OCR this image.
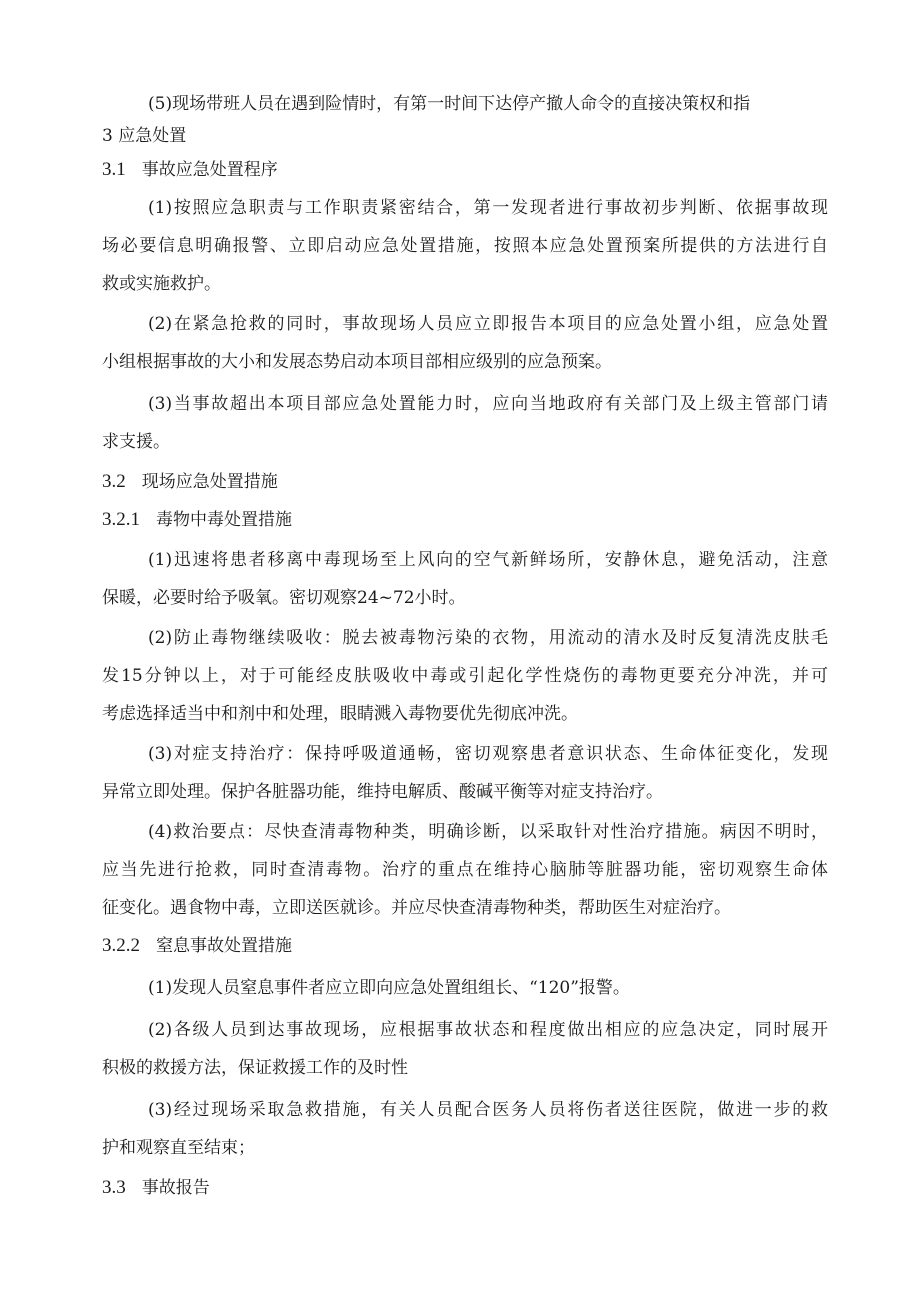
(5)现场带班人员在遇到险情时，有第一时间下达停产撤人命令的直接决策权和指
3 应急处置
3.1 事故应急处置程序
(1)按照应急职责与工作职责紧密结合，第一发现者进行事故初步判断、依据事故现
场必要信息明确报警、立即启动应急处置措施，按照本应急处置预案所提供的方法进行自
救或实施救护。
(2)在紧急抢救的同时，事故现场人员应立即报告本项目的应急处置小组，应急处置
小组根据事故的大小和发展态势启动本项目部相应级别的应急预案。
(3)当事故超出本项目部应急处置能力时，应向当地政府有关部门及上级主管部门请
求支援。
3.2 现场应急处置措施
3.2.1 毒物中毒处置措施
(1)迅速将患者移离中毒现场至上风向的空气新鲜场所，安静休息，避免活动，注意
保暖，必要时给予吸氧。密切观察24~72小时。
(2)防止毒物继续吸收：脱去被毒物污染的衣物，用流动的清水及时反复清洗皮肤毛
发15分钟以上，对于可能经皮肤吸收中毒或引起化学性烧伤的毒物更要充分冲洗，并可
考虑选择适当中和剂中和处理，眼睛溅入毒物要优先彻底冲洗。
(3)对症支持治疗：保持呼吸道通畅，密切观察患者意识状态、生命体征变化，发现
异常立即处理。保护各脏器功能，维持电解质、酸碱平衡等对症支持治疗。
(4)救治要点：尽快查清毒物种类，明确诊断，以采取针对性治疗措施。病因不明时，
应当先进行抢救，同时查清毒物。治疗的重点在维持心脑肺等脏器功能，密切观察生命体
征变化。遇食物中毒，立即送医就诊。并应尽快查清毒物种类，帮助医生对症治疗。
3.2.2 窒息事故处置措施
(1)发现人员窒息事件者应立即向应急处置组组长、“120”报警。
(2)各级人员到达事故现场，应根据事故状态和程度做出相应的应急决定，同时展开
积极的救援方法，保证救援工作的及时性
(3)经过现场采取急救措施，有关人员配合医务人员将伤者送往医院，做进一步的救
护和观察直至结束；
3.3 事故报告
